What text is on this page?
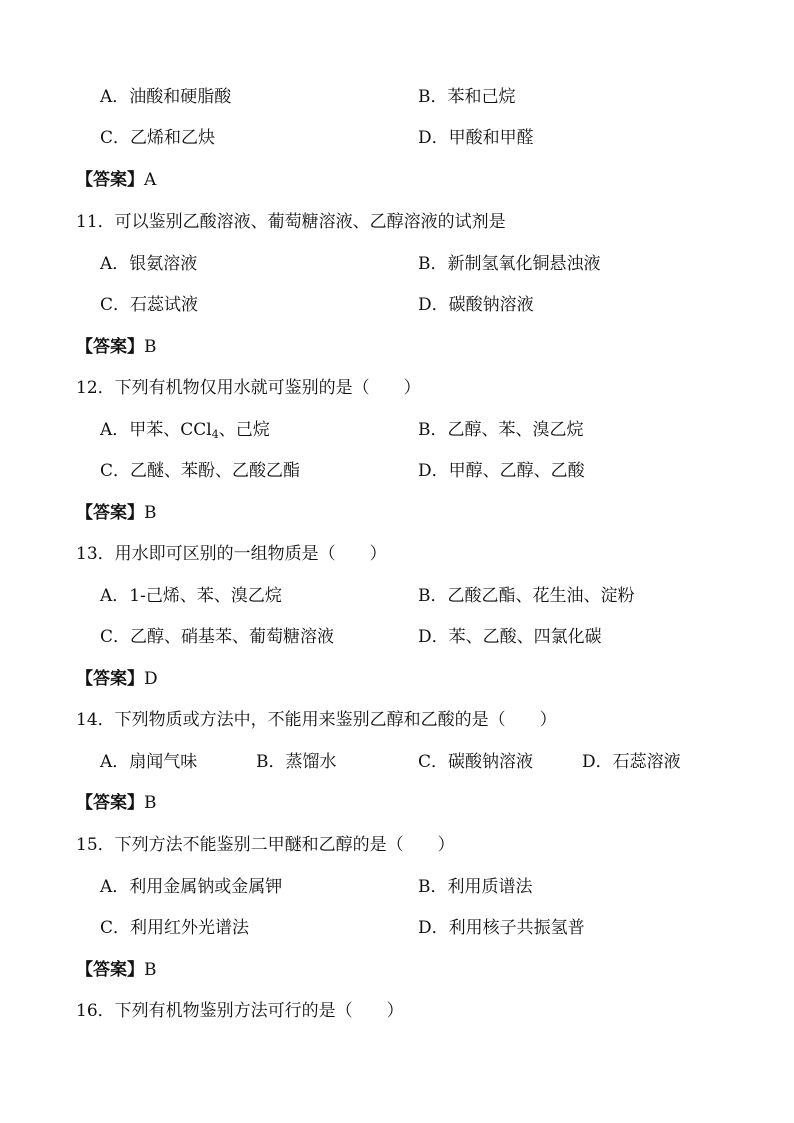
A．油酸和硬脂酸	B．苯和己烷
C．乙烯和乙炔	D．甲酸和甲醛
【答案】A
11．可以鉴别乙酸溶液、葡萄糖溶液、乙醇溶液的试剂是
A．银氨溶液	B．新制氢氧化铜悬浊液
C．石蕊试液	D．碳酸钠溶液
【答案】B
12．下列有机物仅用水就可鉴别的是（　　）
A．甲苯、CCl$_4$、己烷	B．乙醇、苯、溴乙烷
C．乙醚、苯酚、乙酸乙酯	D．甲醇、乙醇、乙酸
【答案】B
13．用水即可区别的一组物质是（　　）
A．1-己烯、苯、溴乙烷	B．乙酸乙酯、花生油、淀粉
C．乙醇、硝基苯、葡萄糖溶液	D．苯、乙酸、四氯化碳
【答案】D
14．下列物质或方法中，不能用来鉴别乙醇和乙酸的是（　　）
A．扇闻气味	B．蒸馏水	C．碳酸钠溶液	D．石蕊溶液
【答案】B
15．下列方法不能鉴别二甲醚和乙醇的是（　　）
A．利用金属钠或金属钾	B．利用质谱法
C．利用红外光谱法	D．利用核子共振氢普
【答案】B
16．下列有机物鉴别方法可行的是（　　）
